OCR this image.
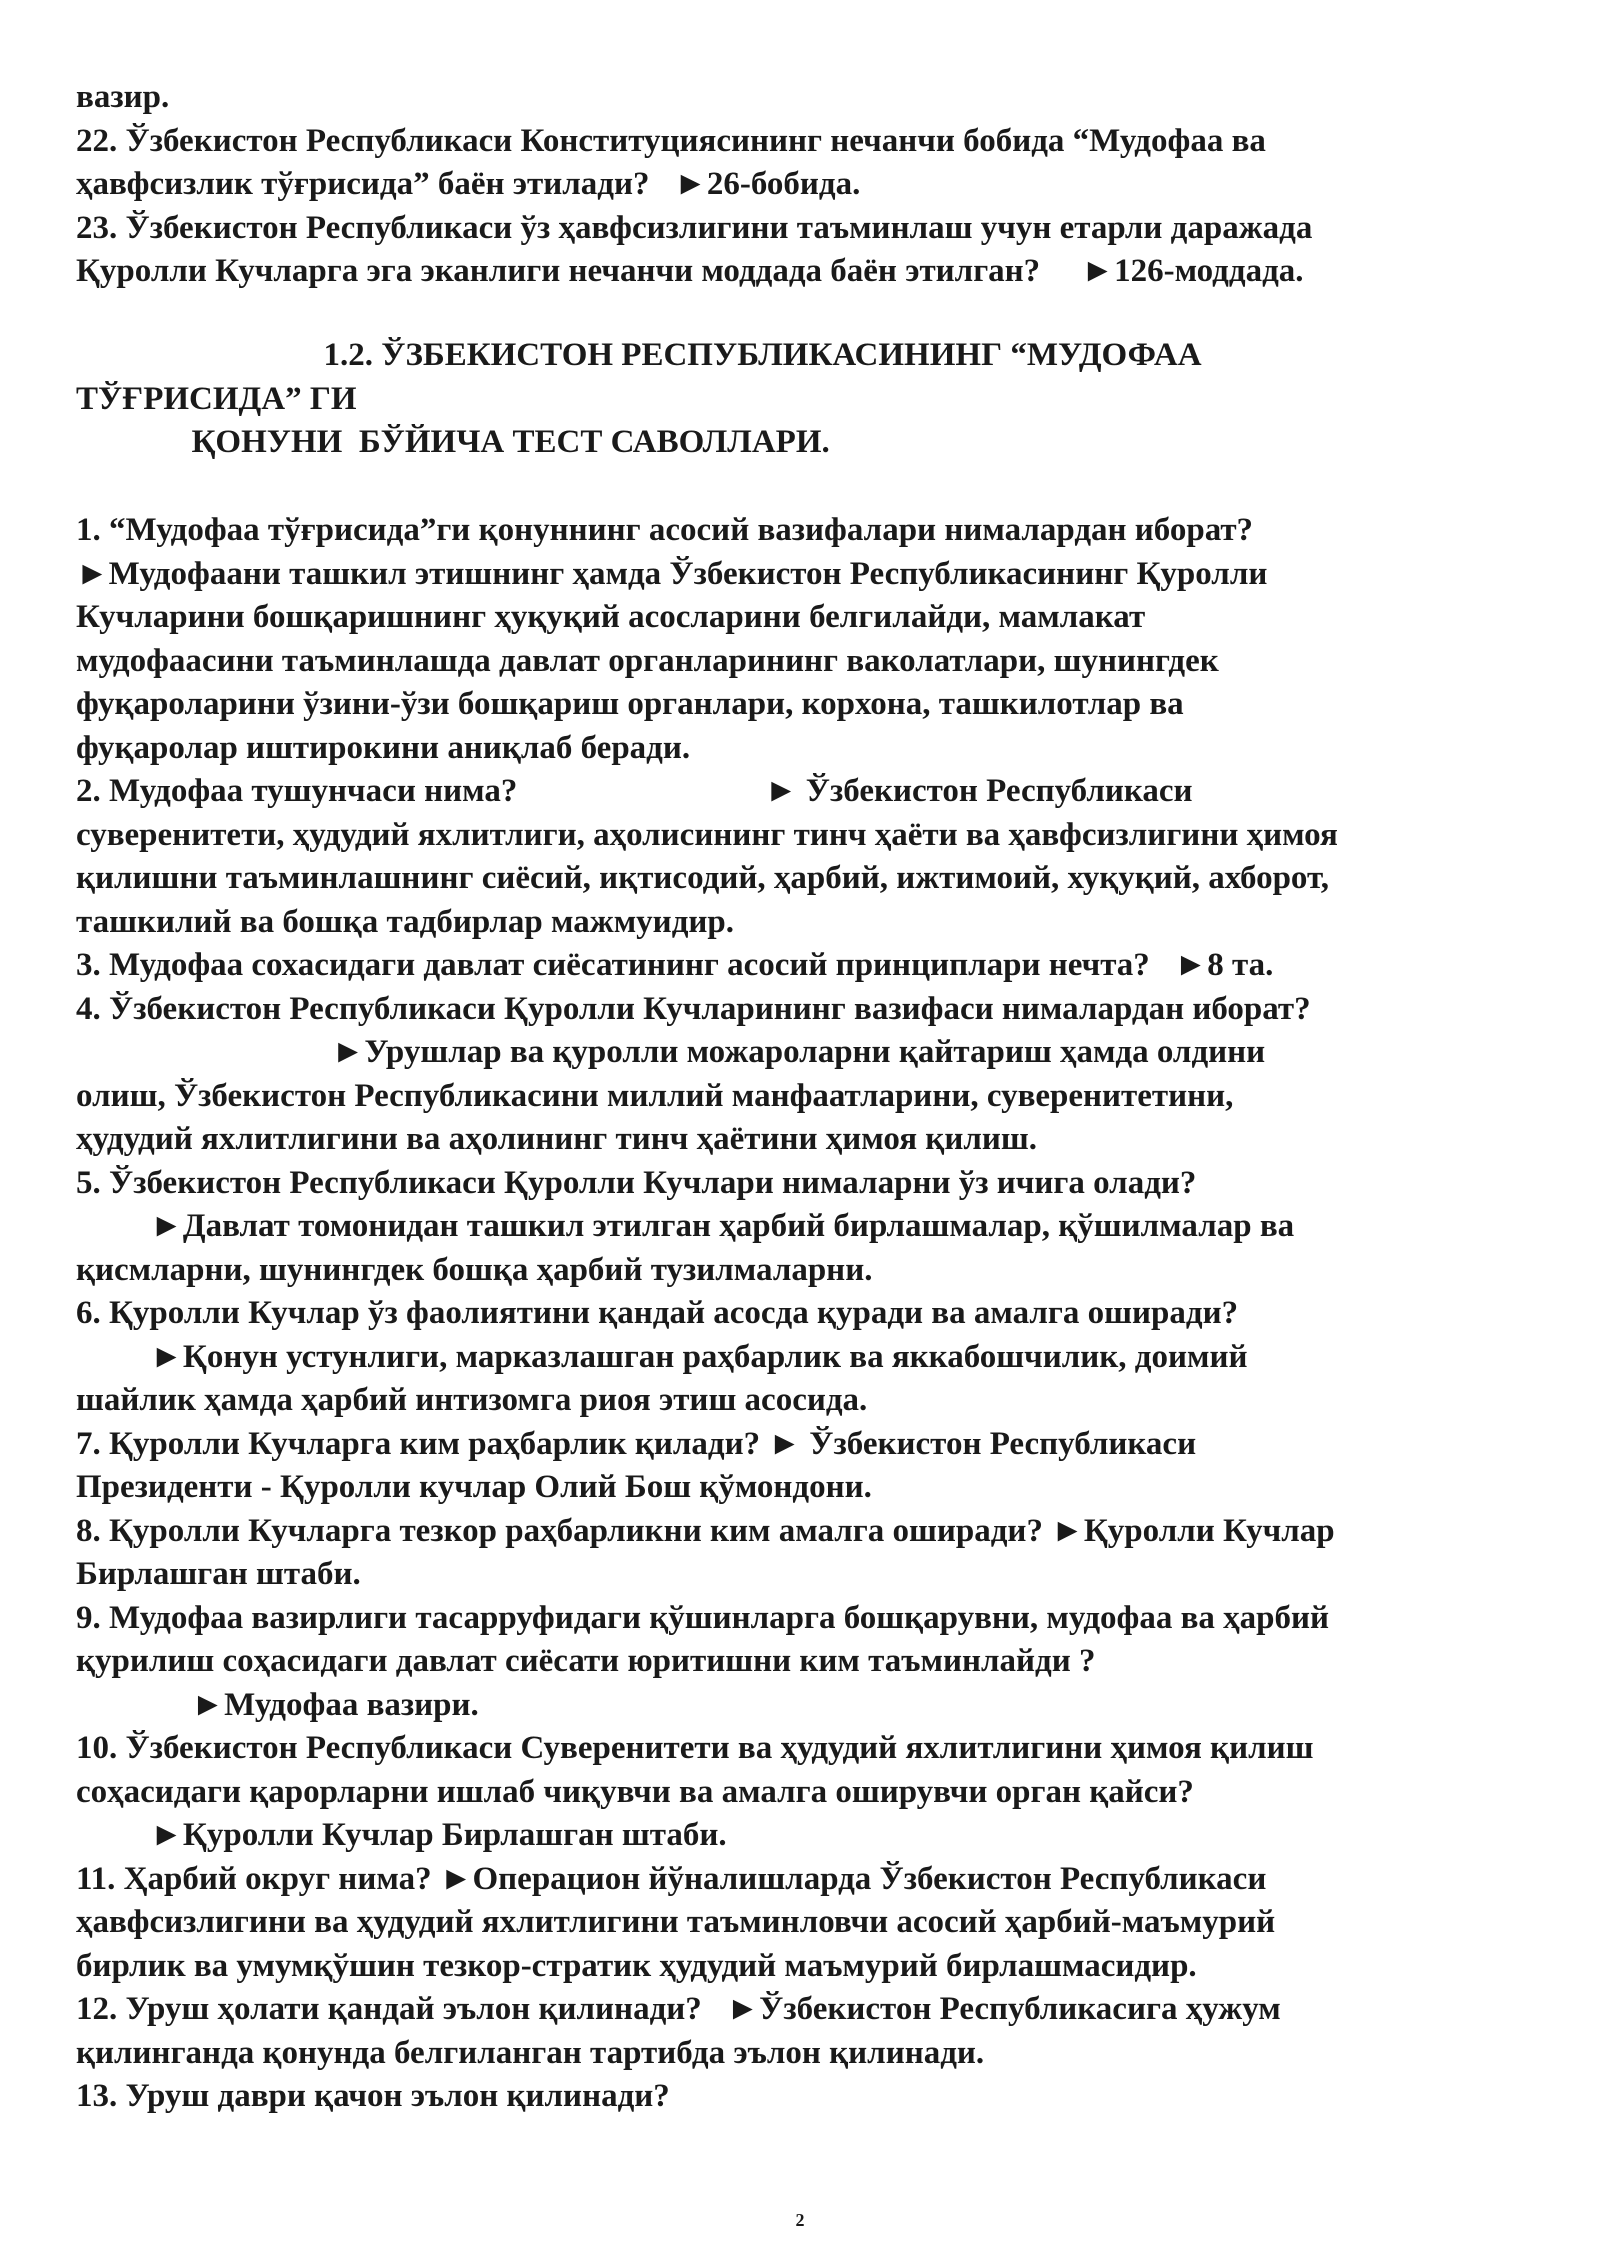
вазир.

22. Ўзбекистон Республикаси Конституциясининг нечанчи бобида “Мудофаа ва

ҳавфсизлик тўғрисида” баён этилади?   ►26-бобида.

23. Ўзбекистон Республикаси ўз ҳавфсизлигини таъминлаш учун етарли даражада

Қуролли Кучларга эга эканлиги нечанчи моддада баён этилган?     ►126-моддада.

1.2. ЎЗБЕКИСТОН РЕСПУБЛИКАСИНИНГ “МУДОФАА

ТЎҒРИСИДА” ГИ

ҚОНУНИ  БЎЙИЧА ТЕСТ САВОЛЛАРИ.

1. “Мудофаа тўғрисида”ги қонуннинг асосий вазифалари нималардан иборат?

►Мудофаани ташкил этишнинг ҳамда Ўзбекистон Республикасининг Қуролли

Кучларини бошқаришнинг ҳуқуқий асосларини белгилайди, мамлакат

мудофаасини таъминлашда давлат органларининг ваколатлари, шунингдек

фуқароларини ўзини-ўзи бошқариш органлари, корхона, ташкилотлар ва

фуқаролар иштирокини аниқлаб беради.

2. Мудофаа тушунчаси нима?                              ► Ўзбекистон Республикаси

суверенитети, ҳудудий яхлитлиги, аҳолисининг тинч ҳаёти ва ҳавфсизлигини ҳимоя

қилишни таъминлашнинг сиёсий, иқтисодий, ҳарбий, ижтимоий, хуқуқий, ахборот,

ташкилий ва бошқа тадбирлар мажмуидир.

3. Мудофаа сохасидаги давлат сиёсатининг асосий принциплари нечта?   ►8 та.

4. Ўзбекистон Республикаси Қуролли Кучларининг вазифаси нималардан иборат?

►Урушлар ва қуролли можароларни қайтариш ҳамда олдини

олиш, Ўзбекистон Республикасини миллий манфаатларини, суверенитетини,

ҳудудий яхлитлигини ва аҳолининг тинч ҳаётини ҳимоя қилиш.

5. Ўзбекистон Республикаси Қуролли Кучлари нималарни ўз ичига олади?

►Давлат томонидан ташкил этилган ҳарбий бирлашмалар, қўшилмалар ва

қисмларни, шунингдек бошқа ҳарбий тузилмаларни.

6. Қуролли Кучлар ўз фаолиятини қандай асосда қуради ва амалга оширади?

►Қонун устунлиги, марказлашган раҳбарлик ва яккабошчилик, доимий

шайлик ҳамда ҳарбий интизомга риоя этиш асосида.

7. Қуролли Кучларга ким раҳбарлик қилади? ► Ўзбекистон Республикаси

Президенти - Қуролли кучлар Олий Бош қўмондони.

8. Қуролли Кучларга тезкор раҳбарликни ким амалга оширади? ►Қуролли Кучлар

Бирлашган штаби.

9. Мудофаа вазирлиги тасарруфидаги қўшинларга бошқарувни, мудофаа ва ҳарбий

қурилиш соҳасидаги давлат сиёсати юритишни ким таъминлайди ?

►Мудофаа вазири.

10. Ўзбекистон Республикаси Суверенитети ва ҳудудий яхлитлигини ҳимоя қилиш

соҳасидаги қарорларни ишлаб чиқувчи ва амалга оширувчи орган қайси?

►Қуролли Кучлар Бирлашган штаби.

11. Ҳарбий округ нима? ►Операцион йўналишларда Ўзбекистон Республикаси

ҳавфсизлигини ва ҳудудий яхлитлигини таъминловчи асосий ҳарбий-маъмурий

бирлик ва умумқўшин тезкор-стратик ҳудудий маъмурий бирлашмасидир.

12. Уруш ҳолати қандай эълон қилинади?   ►Ўзбекистон Республикасига ҳужум

қилинганда қонунда белгиланган тартибда эълон қилинади.

13. Уруш даври қачон эълон қилинади?

2
